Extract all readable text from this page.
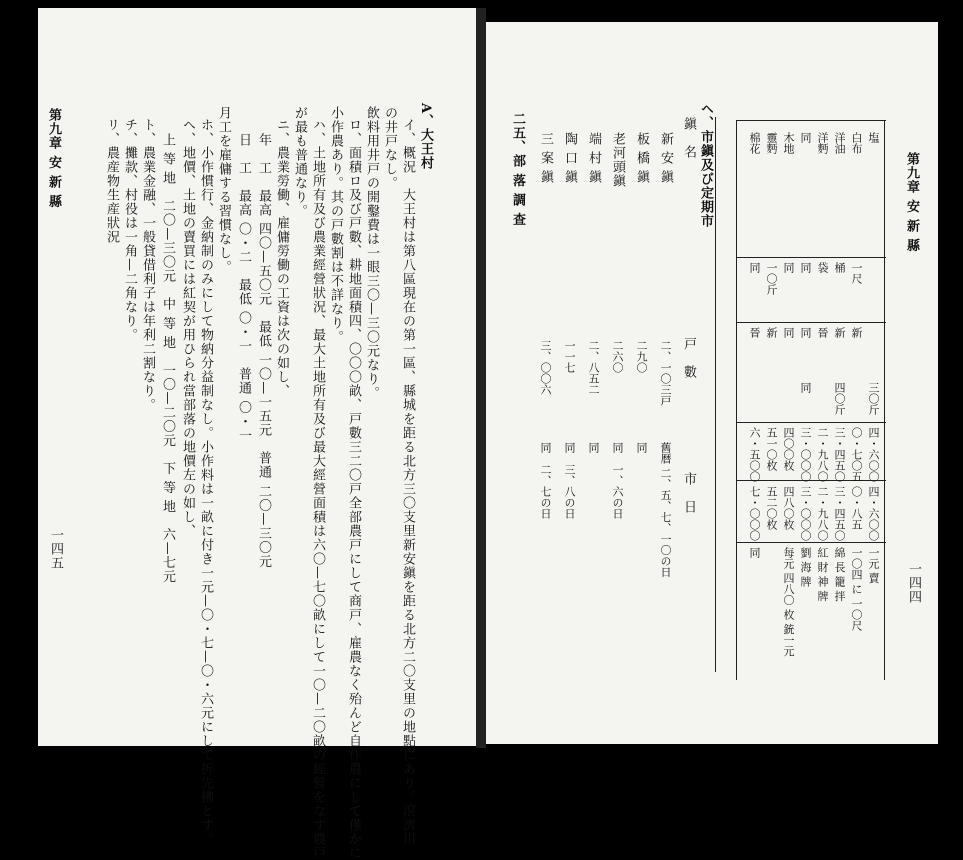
第九章 安 新 縣
一四五
A、大王村
イ、概況　大王村は第八區現在の第一區、縣城を距る北方三〇支里新安鎭を距る北方二〇支里の地點にあり。滾濟川
の井戸なし。
飲料用井戸の開鑿費は一眼三〇—三〇元なり。
ロ、面積ロ及び戸數、耕地面積四、〇〇〇畝、戸數三二〇戸全部農戸にして商戸、雇農なく殆んど自作農にして僅かに
小作農あり。其の戸數割は不詳なり。
ハ、土地所有及び農業經營狀況、最大土地所有及び最大經營面積は六〇—七〇畝にして一〇—二〇畝の經營をなす農戸
が最も普通なり。
ニ、農業勞働、雇傭勞働の工資は次の如し、
年　工　最高 四〇—五〇元　最低 一〇—一五元　普通 二〇—三〇元
日　工　最高 〇・二　最低 〇・一　普通 〇・一
月工を雇傭する習慣なし。
ホ、小作慣行、金納制のみにして物納分益制なし。小作料は一畝に付き一元—〇・七—〇・六元にして折先拂とす。
ヘ、地價、土地の賣買には紅契が用ひられ當部落の地價左の如し、
上 等 地　二〇—三〇元　中 等 地　一〇—二〇元　下 等 地　六—七元
ト、農業金融、一般貸借利子は年利二割なり。
チ、攤款、村役は一角—二角なり。
リ、農産物生産狀況	第九章 安 新 縣
一四四
ヘ、市鎭及び定期市
鎭　名
戸　數
市　日
二五、部 落 調 查	新 安 鎭
二、一〇三戸
舊暦 二、五、七、一〇の日
板 橋 鎭
二九〇
同
老河頭鎭
二六〇
同　一、六の日
端 村 鎭
二、八五二
同
陶 口 鎭
一一七
同　三、八の日
三 案 鎭
三、〇〇六
同　二、七の日
塩
三〇斤
四・六〇〇
四・六〇〇
一元 賣
白布
一尺
新
〇・七〇五
〇・八五
一〇四 に 一〇尺
洋油
桶
新
四〇斤
三・四五〇
三・四五〇
綿 長 籠 拌
洋麪
袋
晉
二・九八〇
二・九八〇
紅 財 神 牌
同
同
同
同
三・〇〇〇
三・〇〇〇
劉 海 牌
木地
同
同
四〇〇枚
四八〇枚
每元 四八〇 枚 銃一元
靈麪
一〇斤
新
五一〇枚
五二〇枚
棉花
同
晉
六・五〇〇
七・〇〇〇
同
